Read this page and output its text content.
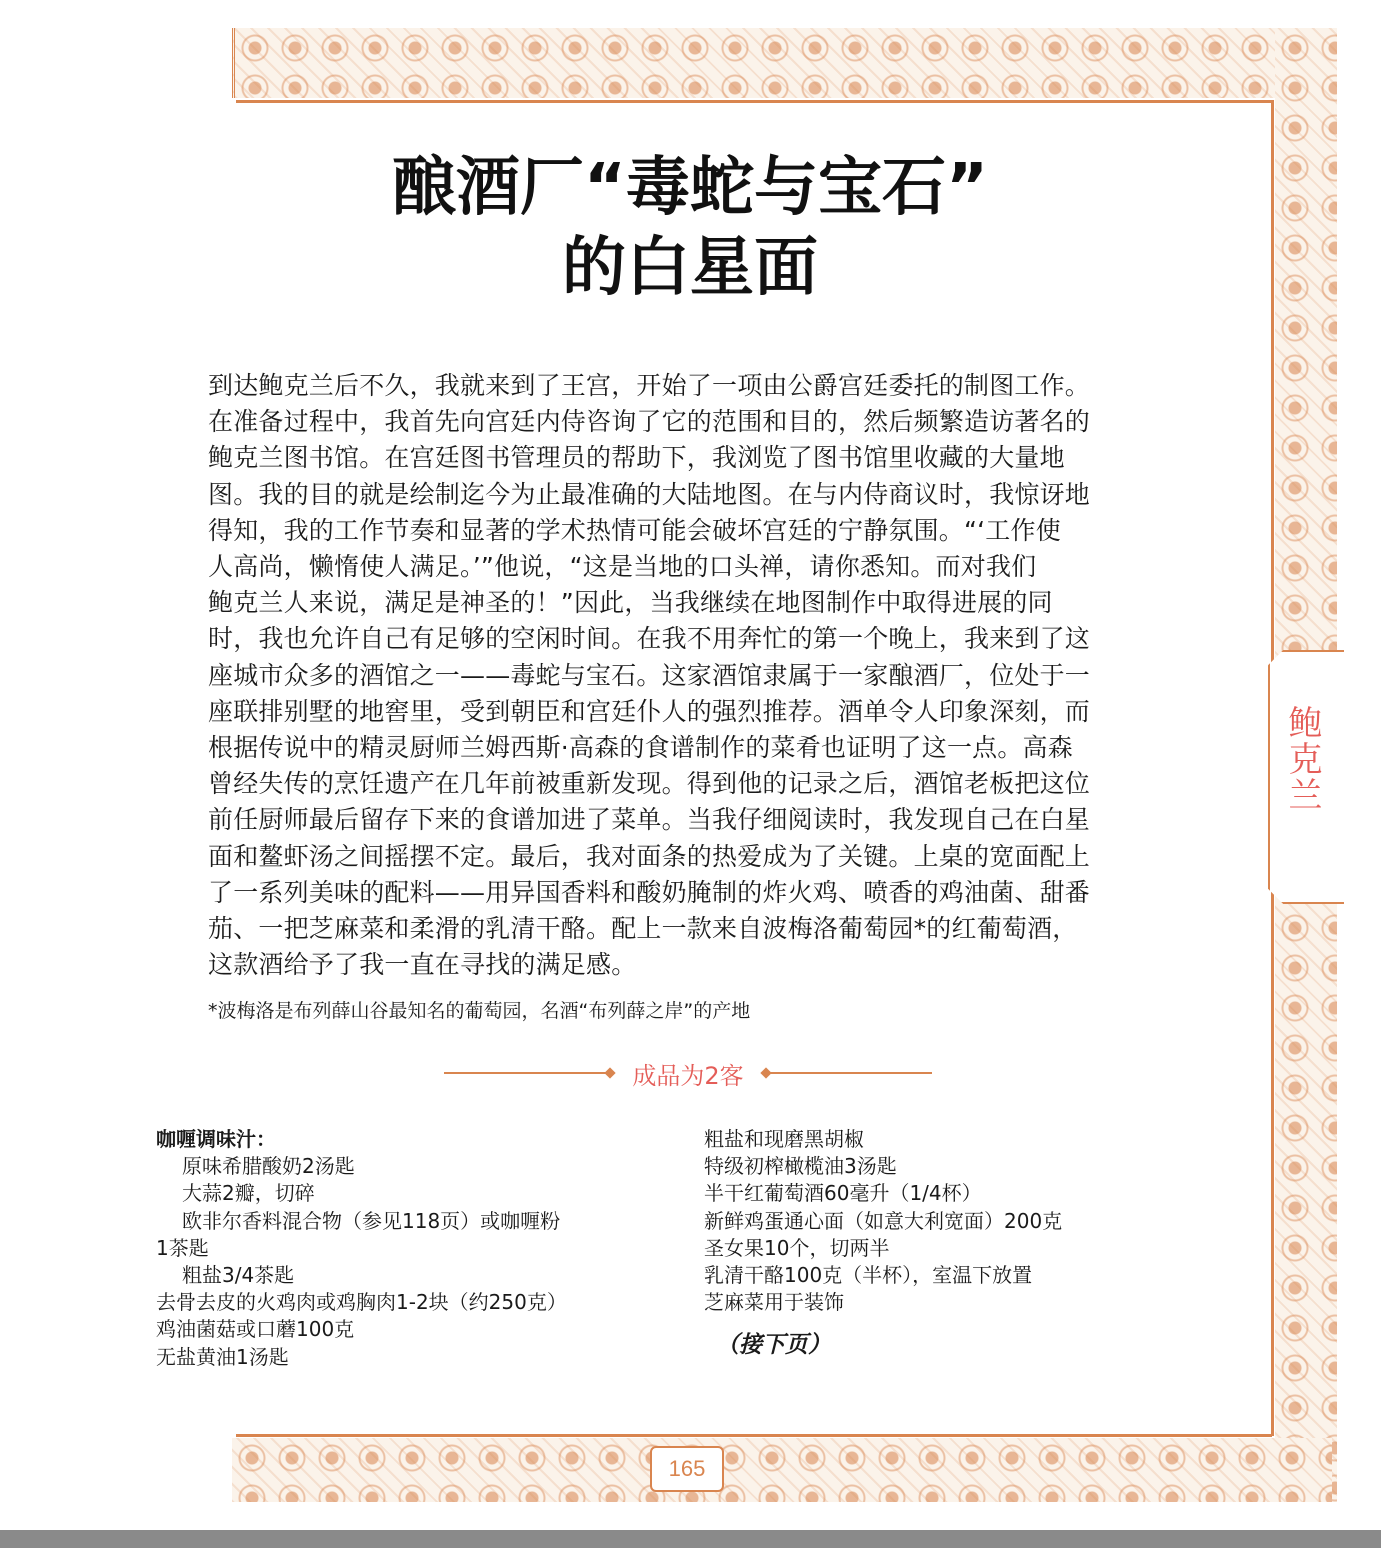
鲍克兰
165
酿酒厂“毒蛇与宝石”
的白星面
到达鲍克兰后不久，我就来到了王宫，开始了一项由公爵宫廷委托的制图工作。
在准备过程中，我首先向宫廷内侍咨询了它的范围和目的，然后频繁造访著名的
鲍克兰图书馆。在宫廷图书管理员的帮助下，我浏览了图书馆里收藏的大量地
图。我的目的就是绘制迄今为止最准确的大陆地图。在与内侍商议时，我惊讶地
得知，我的工作节奏和显著的学术热情可能会破坏宫廷的宁静氛围。“‘工作使
人高尚，懒惰使人满足。’”他说，“这是当地的口头禅，请你悉知。而对我们
鲍克兰人来说，满足是神圣的！”因此，当我继续在地图制作中取得进展的同
时，我也允许自己有足够的空闲时间。在我不用奔忙的第一个晚上，我来到了这
座城市众多的酒馆之一——毒蛇与宝石。这家酒馆隶属于一家酿酒厂，位处于一
座联排别墅的地窖里，受到朝臣和宫廷仆人的强烈推荐。酒单令人印象深刻，而
根据传说中的精灵厨师兰姆西斯·高森的食谱制作的菜肴也证明了这一点。高森
曾经失传的烹饪遗产在几年前被重新发现。得到他的记录之后，酒馆老板把这位
前任厨师最后留存下来的食谱加进了菜单。当我仔细阅读时，我发现自己在白星
面和鳌虾汤之间摇摆不定。最后，我对面条的热爱成为了关键。上桌的宽面配上
了一系列美味的配料——用异国香料和酸奶腌制的炸火鸡、喷香的鸡油菌、甜番
茄、一把芝麻菜和柔滑的乳清干酪。配上一款来自波梅洛葡萄园*的红葡萄酒，
这款酒给予了我一直在寻找的满足感。

*波梅洛是布列薛山谷最知名的葡萄园，名酒“布列薛之岸”的产地

成品为2客
咖喱调味汁：
原味希腊酸奶2汤匙
大蒜2瓣，切碎
欧非尔香料混合物（参见118页）或咖喱粉
1茶匙
粗盐3/4茶匙
去骨去皮的火鸡肉或鸡胸肉1-2块（约250克）
鸡油菌菇或口蘑100克
无盐黄油1汤匙
粗盐和现磨黑胡椒
特级初榨橄榄油3汤匙
半干红葡萄酒60毫升（1/4杯）
新鲜鸡蛋通心面（如意大利宽面）200克
圣女果10个，切两半
乳清干酪100克（半杯），室温下放置
芝麻菜用于装饰

（接下页）
